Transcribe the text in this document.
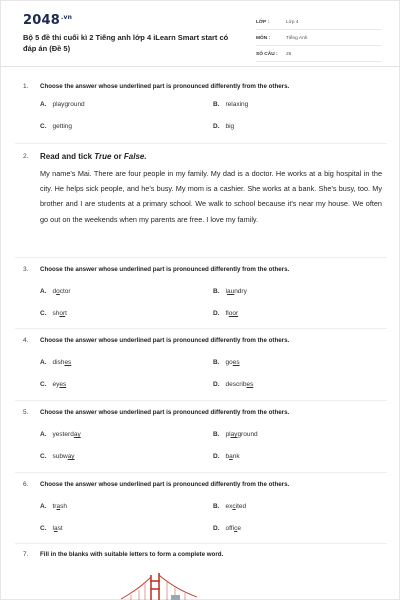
$2048^{.vn}$
Bộ 5 đề thi cuối kì 2 Tiếng anh lớp 4 iLearn Smart start có đáp án (Đề 5)
LỚP :	Lớp 4
MÔN :	Tiếng Anh
SỐ CÂU :	26
1. Choose the answer whose underlined part is pronounced differently from the others.
A. playground	B. relaxing
C. getting	D. big
2. Read and tick True or False.
My name's Mai. There are four people in my family. My dad is a doctor. He works at a big hospital in the city. He helps sick people, and he's busy. My mom is a cashier. She works at a bank. She's busy, too. My brother and I are students at a primary school. We walk to school because it's near my house. We often go out on the weekends when my parents are free. I love my family.
3. Choose the answer whose underlined part is pronounced differently from the others.
A. doctor	B. laundry
C. short	D. floor
4. Choose the answer whose underlined part is pronounced differently from the others.
A. dishes	B. goes
C. eyes	D. describes
5. Choose the answer whose underlined part is pronounced differently from the others.
A. yesterday	B. playground
C. subway	D. bank
6. Choose the answer whose underlined part is pronounced differently from the others.
A. trash	B. excited
C. last	D. office
7. Fill in the blanks with suitable letters to form a complete word.
